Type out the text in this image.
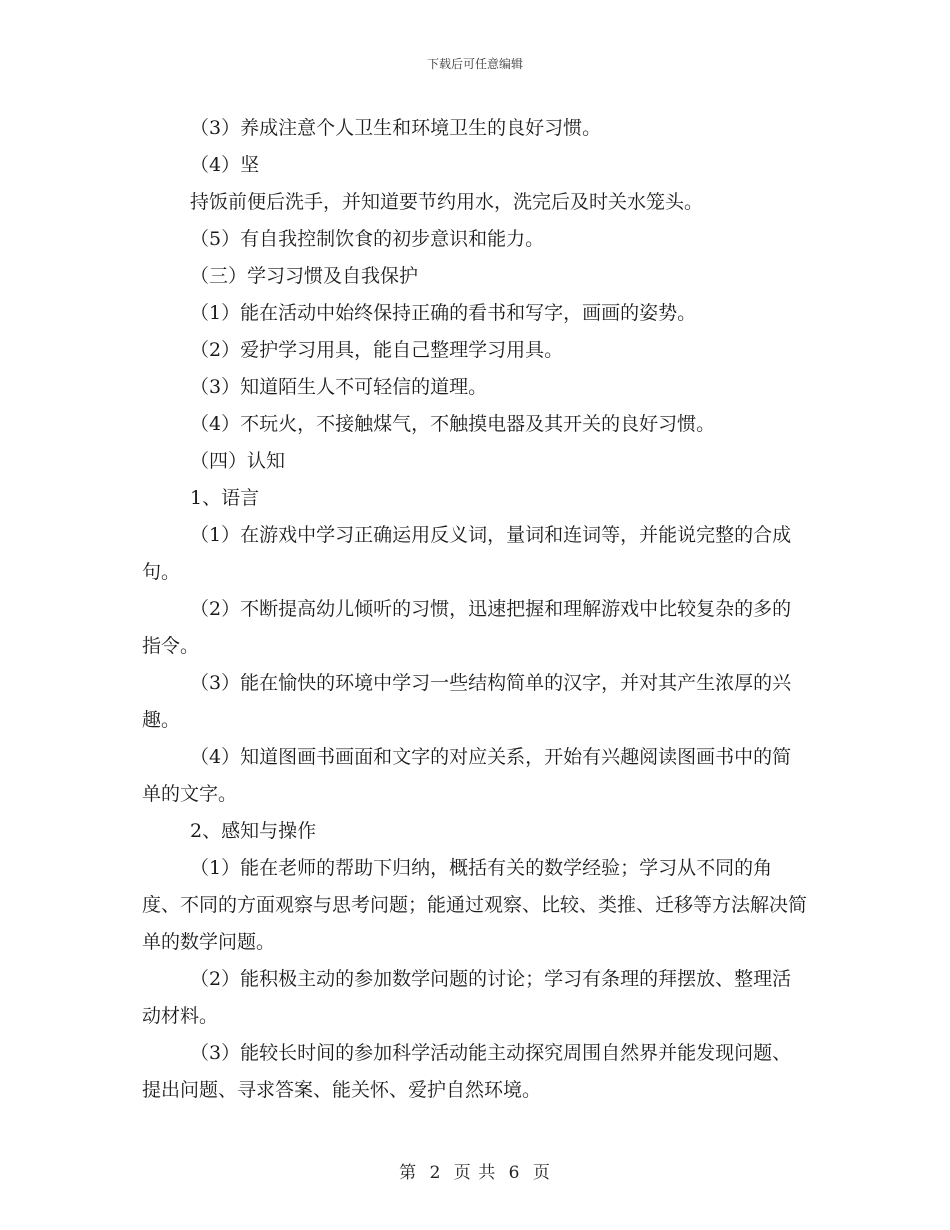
下载后可任意编辑

（3）养成注意个人卫生和环境卫生的良好习惯。

（4）坚

持饭前便后洗手，并知道要节约用水，洗完后及时关水笼头。

（5）有自我控制饮食的初步意识和能力。

（三）学习习惯及自我保护

（1）能在活动中始终保持正确的看书和写字，画画的姿势。

（2）爱护学习用具，能自己整理学习用具。

（3）知道陌生人不可轻信的道理。

（4）不玩火，不接触煤气，不触摸电器及其开关的良好习惯。

（四）认知

1、语言

（1）在游戏中学习正确运用反义词，量词和连词等，并能说完整的合成句。

（2）不断提高幼儿倾听的习惯，迅速把握和理解游戏中比较复杂的多的指令。

（3）能在愉快的环境中学习一些结构简单的汉字，并对其产生浓厚的兴趣。

（4）知道图画书画面和文字的对应关系，开始有兴趣阅读图画书中的简单的文字。

2、感知与操作

（1）能在老师的帮助下归纳，概括有关的数学经验；学习从不同的角度、不同的方面观察与思考问题；能通过观察、比较、类推、迁移等方法解决简单的数学问题。

（2）能积极主动的参加数学问题的讨论；学习有条理的拜摆放、整理活动材料。

（3）能较长时间的参加科学活动能主动探究周围自然界并能发现问题、提出问题、寻求答案、能关怀、爱护自然环境。

第 2 页 共 6 页
